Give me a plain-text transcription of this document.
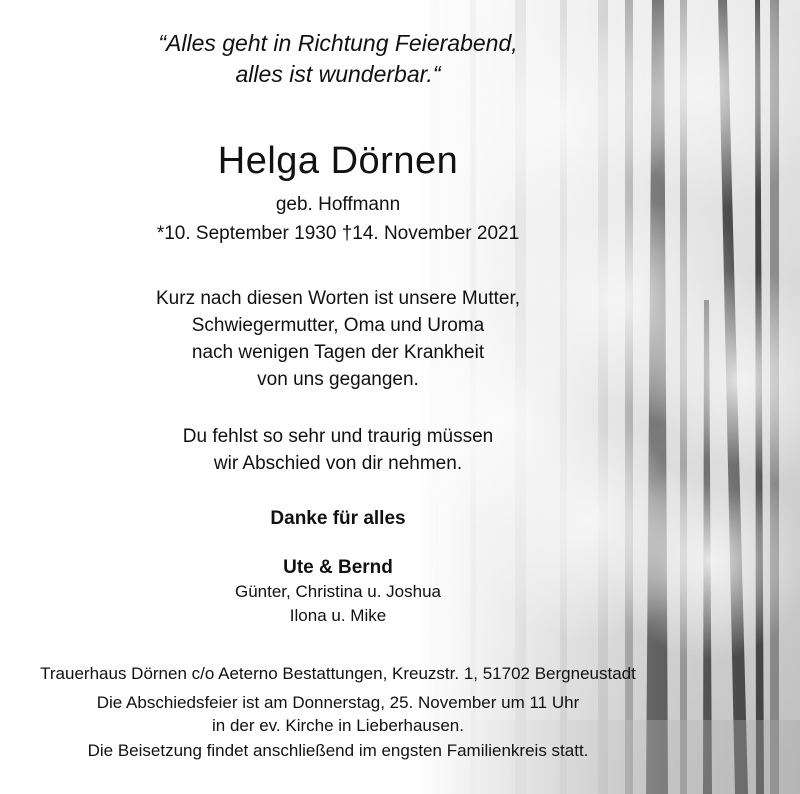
“Alles geht in Richtung Feierabend,
alles ist wunderbar.“
Helga Dörnen
geb. Hoffmann
*10. September 1930 †14. November 2021
Kurz nach diesen Worten ist unsere Mutter,
Schwiegermutter, Oma und Uroma
nach wenigen Tagen der Krankheit
von uns gegangen.
Du fehlst so sehr und traurig müssen
wir Abschied von dir nehmen.
Danke für alles
Ute & Bernd
Günter, Christina u. Joshua
Ilona u. Mike
Trauerhaus Dörnen c/o Aeterno Bestattungen, Kreuzstr. 1, 51702 Bergneustadt
Die Abschiedsfeier ist am Donnerstag, 25. November um 11 Uhr
in der ev. Kirche in Lieberhausen.
Die Beisetzung findet anschließend im engsten Familienkreis statt.
